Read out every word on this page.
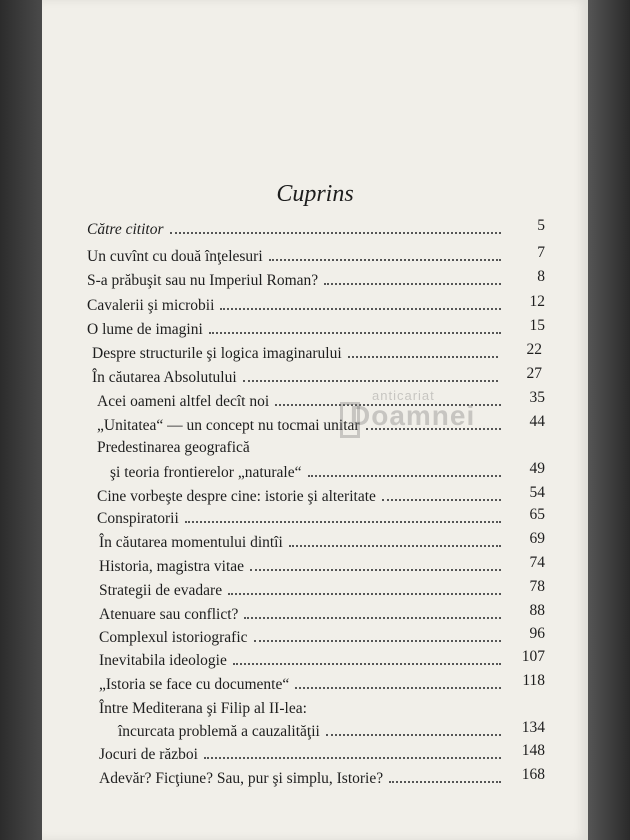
Cuprins
Către cititor	5
Un cuvînt cu două înţelesuri	7
S-a prăbuşit sau nu Imperiul Roman?	8
Cavalerii şi microbii	12
O lume de imagini	15
Despre structurile şi logica imaginarului	22
În căutarea Absolutului	27
Acei oameni altfel decît noi	35
„Unitatea“ — un concept nu tocmai unitar	44
Predestinarea geografică
şi teoria frontierelor „naturale“	49
Cine vorbeşte despre cine: istorie şi alteritate	54
Conspiratorii	65
În căutarea momentului dintîi	69
Historia, magistra vitae	74
Strategii de evadare	78
Atenuare sau conflict?	88
Complexul istoriografic	96
Inevitabila ideologie	107
„Istoria se face cu documente“	118
Între Mediterana şi Filip al II-lea:
încurcata problemă a cauzalităţii	134
Jocuri de război	148
Adevăr? Ficţiune? Sau, pur şi simplu, Istorie?	168
anticariat
Doamnei
